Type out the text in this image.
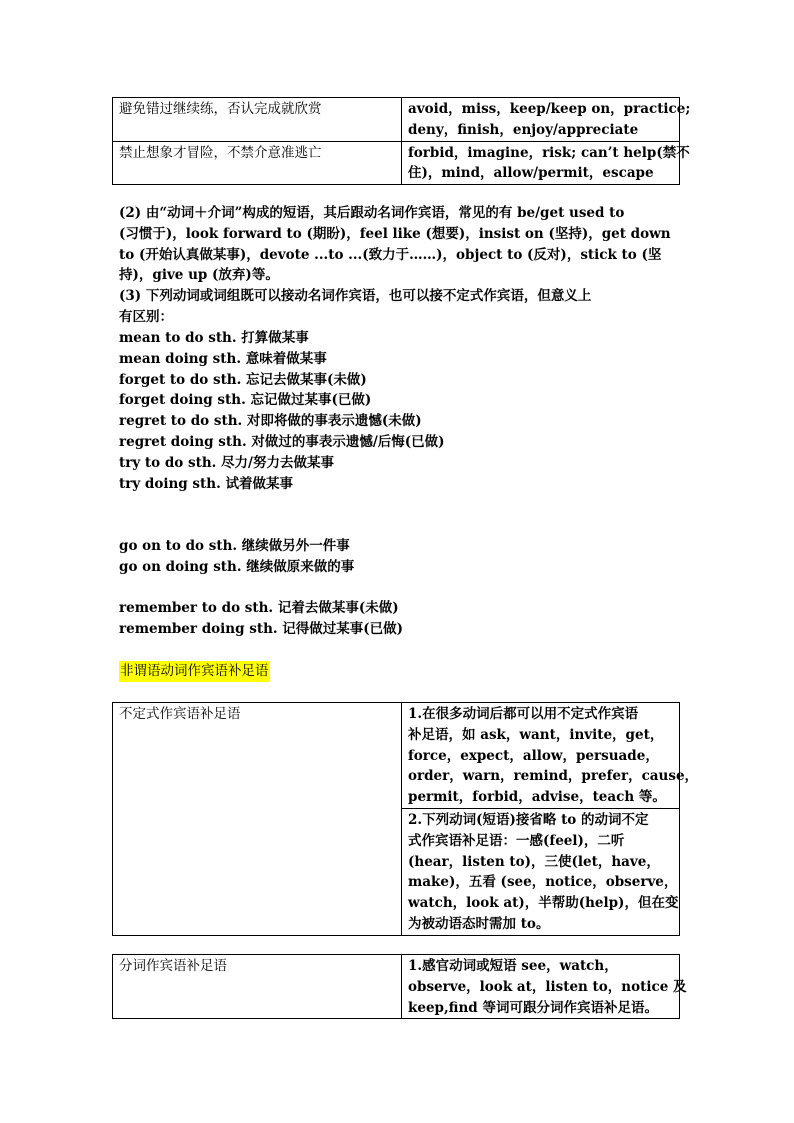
避免错过继续练，否认完成就欣赏	avoid，miss，keep/keep on，practice;
deny，finish，enjoy/appreciate

禁止想象才冒险，不禁介意准逃亡	forbid，imagine，risk; can’t help(禁不
住)，mind，allow/permit，escape
(2) 由“动词＋介词”构成的短语，其后跟动名词作宾语，常见的有 be/get used to
(习惯于)，look forward to (期盼)，feel like (想要)，insist on (坚持)，get down
to (开始认真做某事)，devote ...to ...(致力于……)，object to (反对)，stick to (坚
持)，give up (放弃)等。
(3) 下列动词或词组既可以接动名词作宾语，也可以接不定式作宾语，但意义上
有区别：
mean to do sth. 打算做某事
mean doing sth. 意味着做某事
forget to do sth. 忘记去做某事(未做)
forget doing sth. 忘记做过某事(已做)
regret to do sth. 对即将做的事表示遗憾(未做)
regret doing sth. 对做过的事表示遗憾/后悔(已做)
try to do sth. 尽力/努力去做某事
try doing sth. 试着做某事
go on to do sth. 继续做另外一件事
go on doing sth. 继续做原来做的事
remember to do sth. 记着去做某事(未做)
remember doing sth. 记得做过某事(已做)
非谓语动词作宾语补足语
不定式作宾语补足语	1.在很多动词后都可以用不定式作宾语
补足语，如 ask，want，invite，get，
force，expect，allow，persuade，
order，warn，remind，prefer，cause，
permit，forbid，advise，teach 等。

2.下列动词(短语)接省略 to 的动词不定
式作宾语补足语：一感(feel)，二听
(hear，listen to)，三使(let，have，
make)，五看 (see，notice，observe，
watch，look at)，半帮助(help)，但在变
为被动语态时需加 to。
分词作宾语补足语	1.感官动词或短语 see，watch，
observe，look at，listen to，notice 及
keep,find 等词可跟分词作宾语补足语。
